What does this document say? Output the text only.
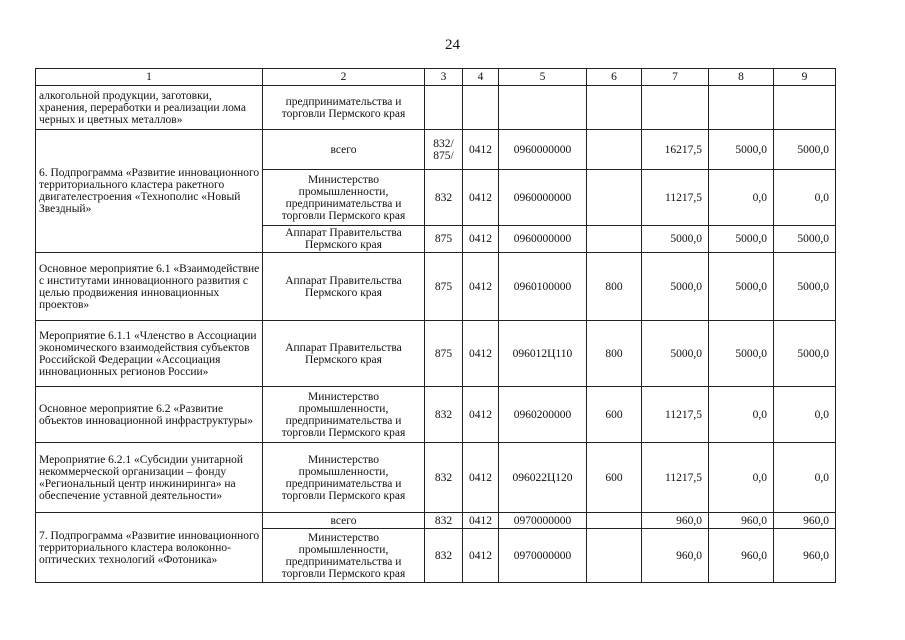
24
1	2	3	4	5	6	7	8	9
алкогольной продукции, заготовки, хранения, переработки и реализации лома черных и цветных металлов»	предпринимательства и торговли Пермского края							
6. Подпрограмма «Развитие инновационного территориального кластера ракетного двигателестроения «Технополис «Новый Звездный»	всего	832/ 875/	0412	0960000000		16217,5	5000,0	5000,0
	Министерство промышленности, предпринимательства и торговли Пермского края	832	0412	0960000000		11217,5	0,0	0,0
	Аппарат Правительства Пермского края	875	0412	0960000000		5000,0	5000,0	5000,0
Основное мероприятие 6.1 «Взаимодействие с институтами инновационного развития с целью продвижения инновационных проектов»	Аппарат Правительства Пермского края	875	0412	0960100000	800	5000,0	5000,0	5000,0
Мероприятие 6.1.1 «Членство в Ассоциации экономического взаимодействия субъектов Российской Федерации «Ассоциация инновационных регионов России»	Аппарат Правительства Пермского края	875	0412	096012Ц110	800	5000,0	5000,0	5000,0
Основное мероприятие 6.2 «Развитие объектов инновационной инфраструктуры»	Министерство промышленности, предпринимательства и торговли Пермского края	832	0412	0960200000	600	11217,5	0,0	0,0
Мероприятие 6.2.1 «Субсидии унитарной некоммерческой организации – фонду «Региональный центр инжиниринга» на обеспечение уставной деятельности»	Министерство промышленности, предпринимательства и торговли Пермского края	832	0412	096022Ц120	600	11217,5	0,0	0,0
7. Подпрограмма «Развитие инновационного территориального кластера волоконно-оптических технологий «Фотоника»	всего	832	0412	0970000000		960,0	960,0	960,0
	Министерство промышленности, предпринимательства и торговли Пермского края	832	0412	0970000000		960,0	960,0	960,0
